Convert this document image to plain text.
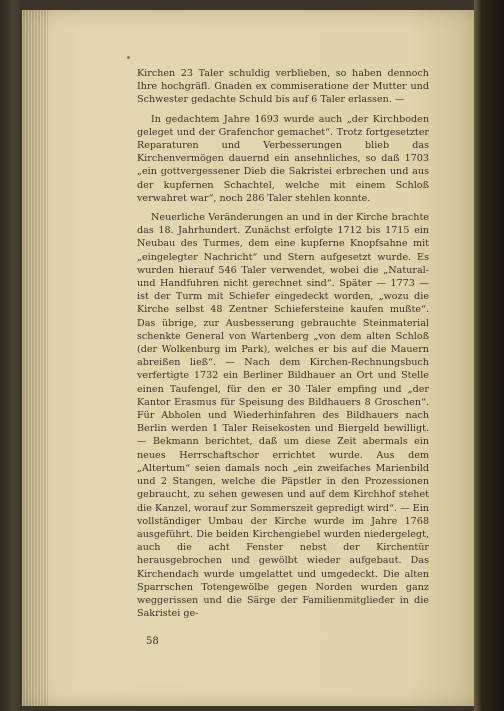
Kirchen 23 Taler schuldig verblieben, so haben dennoch Ihre hochgräfl. Gnaden ex commiseratione der Mutter und Schwester gedachte Schuld bis auf 6 Taler erlassen. —

In gedachtem Jahre 1693 wurde auch „der Kirchboden geleget und der Grafenchor gemachet“. Trotz fortgesetzter Reparaturen und Verbesserungen blieb das Kirchenvermögen dauernd ein ansehnliches, so daß 1703 „ein gottvergessener Dieb die Sakristei erbrechen und aus der kupfernen Schachtel, welche mit einem Schloß verwahret war“, noch 286 Taler stehlen konnte.

Neuerliche Veränderungen an und in der Kirche brachte das 18. Jahrhundert. Zunächst erfolgte 1712 bis 1715 ein Neubau des Turmes, dem eine kupferne Knopfsahne mit „eingelegter Nachricht“ und Stern aufgesetzt wurde. Es wurden hierauf 546 Taler verwendet, wobei die „Natural- und Handfuhren nicht gerechnet sind“. Später — 1773 — ist der Turm mit Schiefer eingedeckt worden, „wozu die Kirche selbst 48 Zentner Schiefersteine kaufen mußte“. Das übrige, zur Ausbesserung gebrauchte Steinmaterial schenkte General von Wartenberg „von dem alten Schloß (der Wolkenburg im Park), welches er bis auf die Mauern abreißen ließ“. — Nach dem Kirchen-Rechnungsbuch verfertigte 1732 ein Berliner Bildhauer an Ort und Stelle einen Taufengel, für den er 30 Taler empfing und „der Kantor Erasmus für Speisung des Bildhauers 8 Groschen“. Für Abholen und Wiederhinfahren des Bildhauers nach Berlin werden 1 Taler Reisekosten und Biergeld bewilligt. — Bekmann berichtet, daß um diese Zeit abermals ein neues Herrschaftschor errichtet wurde. Aus dem „Altertum“ seien damals noch „ein zweifaches Marienbild und 2 Stangen, welche die Päpstler in den Prozessionen gebraucht, zu sehen gewesen und auf dem Kirchhof stehet die Kanzel, worauf zur Sommerszeit gepredigt wird“. — Ein vollständiger Umbau der Kirche wurde im Jahre 1768 ausgeführt. Die beiden Kirchengiebel wurden niedergelegt, auch die acht Fenster nebst der Kirchentür herausgebrochen und gewölbt wieder aufgebaut. Das Kirchendach wurde umgelattet und umgedeckt. Die alten Sparrschen Totengewölbe gegen Norden wurden ganz weggerissen und die Särge der Familienmitglieder in die Sakristei ge-

58
